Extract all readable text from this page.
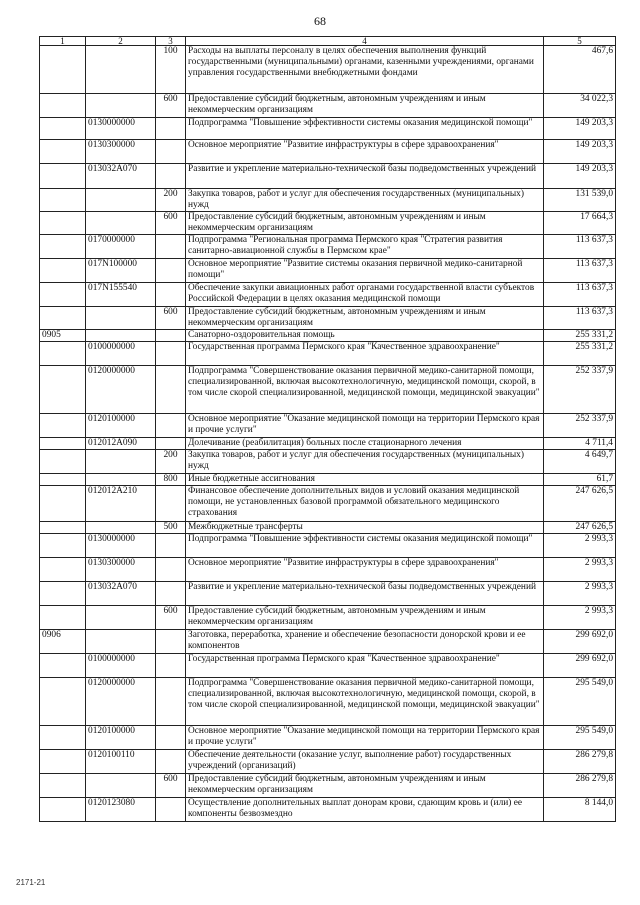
68
1	2	3	4	5
		100	Расходы на выплаты персоналу в целях обеспечения выполнения функций государственными (муниципальными) органами, казенными учреждениями, органами управления государственными внебюджетными фондами	467,6
		600	Предоставление субсидий бюджетным, автономным учреждениям и иным некоммерческим организациям	34 022,3
	0130000000		Подпрограмма "Повышение эффективности системы оказания медицинской помощи"	149 203,3
	0130300000		Основное мероприятие "Развитие инфраструктуры в сфере здравоохранения"	149 203,3
	013032А070		Развитие и укрепление материально-технической базы подведомственных учреждений	149 203,3
		200	Закупка товаров, работ и услуг для обеспечения государственных (муниципальных) нужд	131 539,0
		600	Предоставление субсидий бюджетным, автономным учреждениям и иным некоммерческим организациям	17 664,3
	0170000000		Подпрограмма "Региональная программа Пермского края "Стратегия развития санитарно-авиационной службы в Пермском крае"	113 637,3
	017N100000		Основное мероприятие "Развитие системы оказания первичной медико-санитарной помощи"	113 637,3
	017N155540		Обеспечение закупки авиационных работ органами государственной власти субъектов Российской Федерации в целях оказания медицинской помощи	113 637,3
		600	Предоставление субсидий бюджетным, автономным учреждениям и иным некоммерческим организациям	113 637,3
0905			Санаторно-оздоровительная помощь	255 331,2
	0100000000		Государственная программа Пермского края "Качественное здравоохранение"	255 331,2
	0120000000		Подпрограмма "Совершенствование оказания первичной медико-санитарной помощи, специализированной, включая высокотехнологичную, медицинской помощи, скорой, в том числе скорой специализированной, медицинской помощи, медицинской эвакуации"	252 337,9
	0120100000		Основное мероприятие "Оказание медицинской помощи на территории Пермского края и прочие услуги"	252 337,9
	012012А090		Долечивание (реабилитация) больных после стационарного лечения	4 711,4
		200	Закупка товаров, работ и услуг для обеспечения государственных (муниципальных) нужд	4 649,7
		800	Иные бюджетные ассигнования	61,7
	012012А210		Финансовое обеспечение дополнительных видов и условий оказания медицинской помощи, не установленных базовой программой обязательного медицинского страхования	247 626,5
		500	Межбюджетные трансферты	247 626,5
	0130000000		Подпрограмма "Повышение эффективности системы оказания медицинской помощи"	2 993,3
	0130300000		Основное мероприятие "Развитие инфраструктуры в сфере здравоохранения"	2 993,3
	013032А070		Развитие и укрепление материально-технической базы подведомственных учреждений	2 993,3
		600	Предоставление субсидий бюджетным, автономным учреждениям и иным некоммерческим организациям	2 993,3
0906			Заготовка, переработка, хранение и обеспечение безопасности донорской крови и ее компонентов	299 692,0
	0100000000		Государственная программа Пермского края "Качественное здравоохранение"	299 692,0
	0120000000		Подпрограмма "Совершенствование оказания первичной медико-санитарной помощи, специализированной, включая высокотехнологичную, медицинской помощи, скорой, в том числе скорой специализированной, медицинской помощи, медицинской эвакуации"	295 549,0
	0120100000		Основное мероприятие "Оказание медицинской помощи на территории Пермского края и прочие услуги"	295 549,0
	0120100110		Обеспечение деятельности (оказание услуг, выполнение работ) государственных учреждений (организаций)	286 279,8
		600	Предоставление субсидий бюджетным, автономным учреждениям и иным некоммерческим организациям	286 279,8
	0120123080		Осуществление дополнительных выплат донорам крови, сдающим кровь и (или) ее компоненты безвозмездно	8 144,0
2171-21
